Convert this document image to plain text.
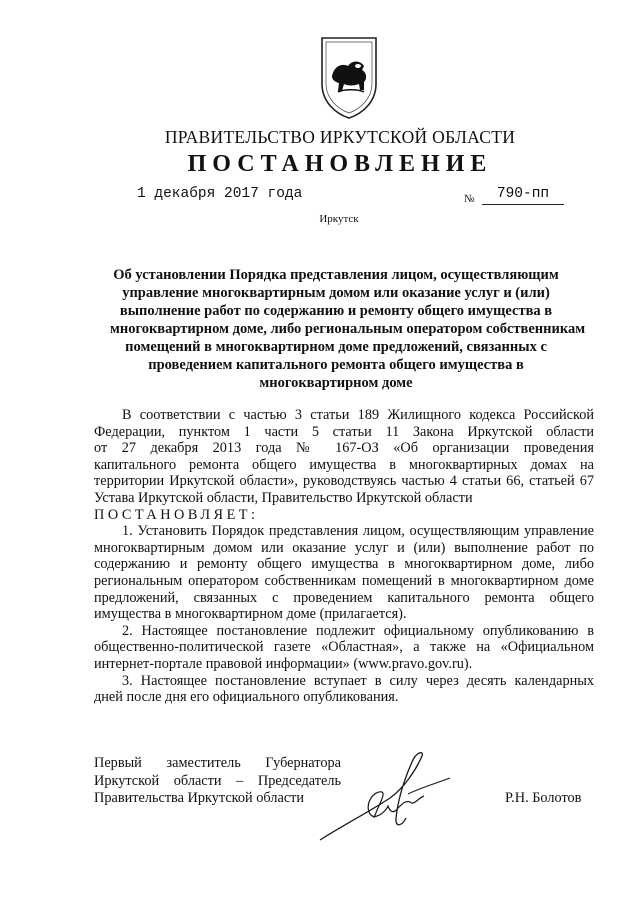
ПРАВИТЕЛЬСТВО ИРКУТСКОЙ ОБЛАСТИ
ПОСТАНОВЛЕНИЕ
1 декабря 2017 года	№	790-пп
Иркутск
Об установлении Порядка представления лицом, осуществляющим
управление многоквартирным домом или оказание услуг и (или)
выполнение работ по содержанию и ремонту общего имущества в
многоквартирном доме, либо региональным оператором собственникам
помещений в многоквартирном доме предложений, связанных с
проведением капитального ремонта общего имущества в
многоквартирном доме
В соответствии с частью 3 статьи 189 Жилищного кодекса Российской
Федерации, пунктом 1 части 5 статьи 11 Закона Иркутской области
от 27 декабря 2013 года № 167-ОЗ «Об организации проведения
капитального ремонта общего имущества в многоквартирных домах на
территории Иркутской области», руководствуясь частью 4 статьи 66, статьей 67
Устава Иркутской области, Правительство Иркутской области
ПОСТАНОВЛЯЕТ:
1. Установить Порядок представления лицом, осуществляющим управление
многоквартирным домом или оказание услуг и (или) выполнение работ по
содержанию и ремонту общего имущества в многоквартирном доме, либо
региональным оператором собственникам помещений в многоквартирном доме
предложений, связанных с проведением капитального ремонта общего
имущества в многоквартирном доме (прилагается).
2. Настоящее постановление подлежит официальному опубликованию в
общественно-политической газете «Областная», а также на «Официальном
интернет-портале правовой информации» (www.pravo.gov.ru).
3. Настоящее постановление вступает в силу через десять календарных
дней после дня его официального опубликования.
Первый заместитель Губернатора
Иркутской области – Председатель
Правительства Иркутской области	Р.Н. Болотов
